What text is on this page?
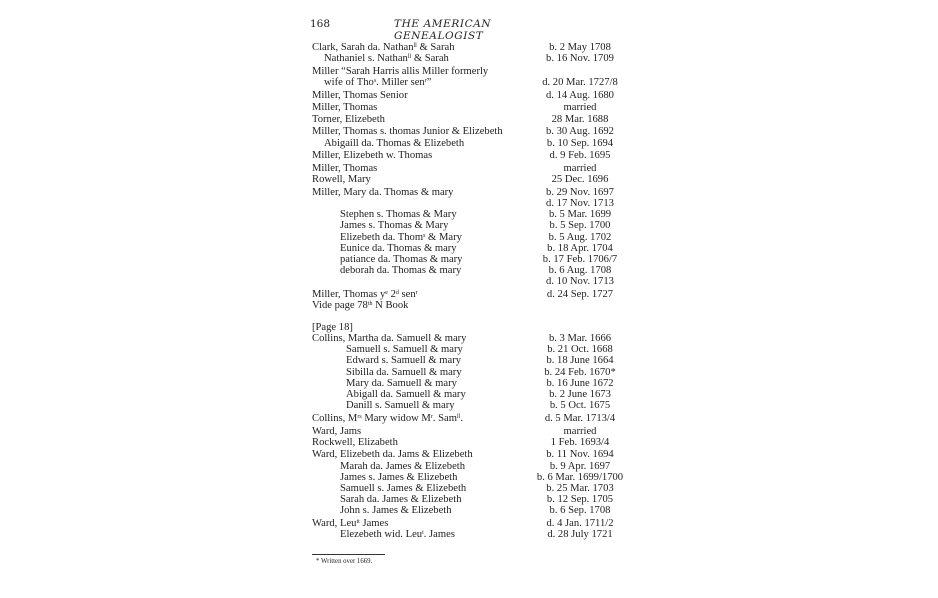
168	THE AMERICAN GENEALOGIST
Clark, Sarah da. Nathan$^{ll}$ & Sarah	b. 2 May 1708
Nathaniel s. Nathan$^{ll}$ & Sarah	b. 16 Nov. 1709
Miller “Sarah Harris allis Miller formerly
wife of Tho$^s$. Miller sen$^r$”	d. 20 Mar. 1727/8
Miller, Thomas Senior	d. 14 Aug. 1680
Miller, Thomas	married
Torner, Elizebeth	28 Mar. 1688
Miller, Thomas s. thomas Junior & Elizebeth	b. 30 Aug. 1692
Abigaill da. Thomas & Elizebeth	b. 10 Sep. 1694
Miller, Elizebeth w. Thomas	d. 9 Feb. 1695
Miller, Thomas	married
Rowell, Mary	25 Dec. 1696
Miller, Mary da. Thomas & mary	b. 29 Nov. 1697
d. 17 Nov. 1713
Stephen s. Thomas & Mary	b. 5 Mar. 1699
James s. Thomas & Mary	b. 5 Sep. 1700
Elizebeth da. Thom$^s$ & Mary	b. 5 Aug. 1702
Eunice da. Thomas & mary	b. 18 Apr. 1704
patiance da. Thomas & mary	b. 17 Feb. 1706/7
deborah da. Thomas & mary	b. 6 Aug. 1708
d. 10 Nov. 1713
Miller, Thomas $y^e$ 2$^d$ sen$^r$	d. 24 Sep. 1727
Vide page 78th N Book
[Page 18]
Collins, Martha da. Samuell & mary	b. 3 Mar. 1666
Samuell s. Samuell & mary	b. 21 Oct. 1668
Edward s. Samuell & mary	b. 18 June 1664
Sibilla da. Samuell & mary	b. 24 Feb. 1670*
Mary da. Samuell & mary	b. 16 June 1672
Abigall da. Samuell & mary	b. 2 June 1673
Danill s. Samuell & mary	b. 5 Oct. 1675
Collins, $M^{rs}$ Mary widow $M^r$. Sam$^{ll}$.	d. 5 Mar. 1713/4
Ward, Jams	married
Rockwell, Elizabeth	1 Feb. 1693/4
Ward, Elizebeth da. Jams & Elizebeth	b. 11 Nov. 1694
Marah da. James & Elizebeth	b. 9 Apr. 1697
James s. James & Elizebeth	b. 6 Mar. 1699/1700
Samuell s. James & Elizebeth	b. 25 Mar. 1703
Sarah da. James & Elizebeth	b. 12 Sep. 1705
John s. James & Elizebeth	b. 6 Sep. 1708
Ward, Leu$^{tt}$ James	d. 4 Jan. 1711/2
Elezebeth wid. Leu$^t$. James	d. 28 July 1721
* Written over 1669.
